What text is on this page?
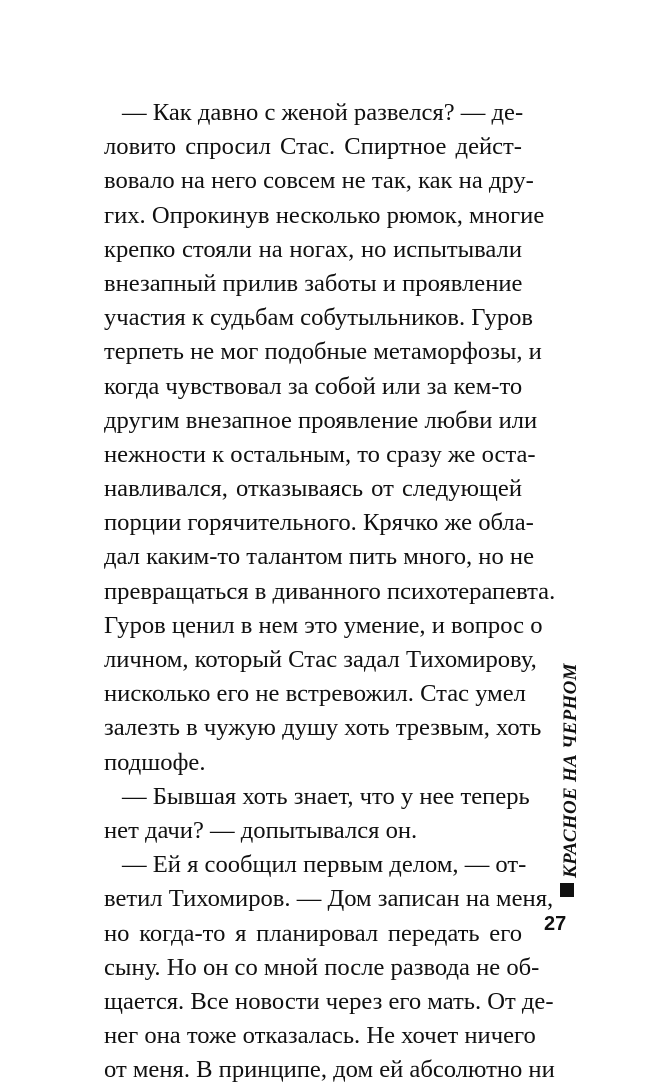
— Как давно с женой развелся? — де-
ловито спросил Стас. Спиртное дейст-
вовало на него совсем не так, как на дру-
гих. Опрокинув несколько рюмок, многие
крепко стояли на ногах, но испытывали
внезапный прилив заботы и проявление
участия к судьбам собутыльников. Гуров
терпеть не мог подобные метаморфозы, и
когда чувствовал за собой или за кем-то
другим внезапное проявление любви или
нежности к остальным, то сразу же оста-
навливался, отказываясь от следующей
порции горячительного. Крячко же обла-
дал каким-то талантом пить много, но не
превращаться в диванного психотерапевта.
Гуров ценил в нем это умение, и вопрос о
личном, который Стас задал Тихомирову,
нисколько его не встревожил. Стас умел
залезть в чужую душу хоть трезвым, хоть
подшофе.
— Бывшая хоть знает, что у нее теперь
нет дачи? — допытывался он.
— Ей я сообщил первым делом, — от-
ветил Тихомиров. — Дом записан на меня,
но когда-то я планировал передать его
сыну. Но он со мной после развода не об-
щается. Все новости через его мать. От де-
нег она тоже отказалась. Не хочет ничего
от меня. В принципе, дом ей абсолютно ни
КРАСНОЕ НА ЧЕРНОМ
27
